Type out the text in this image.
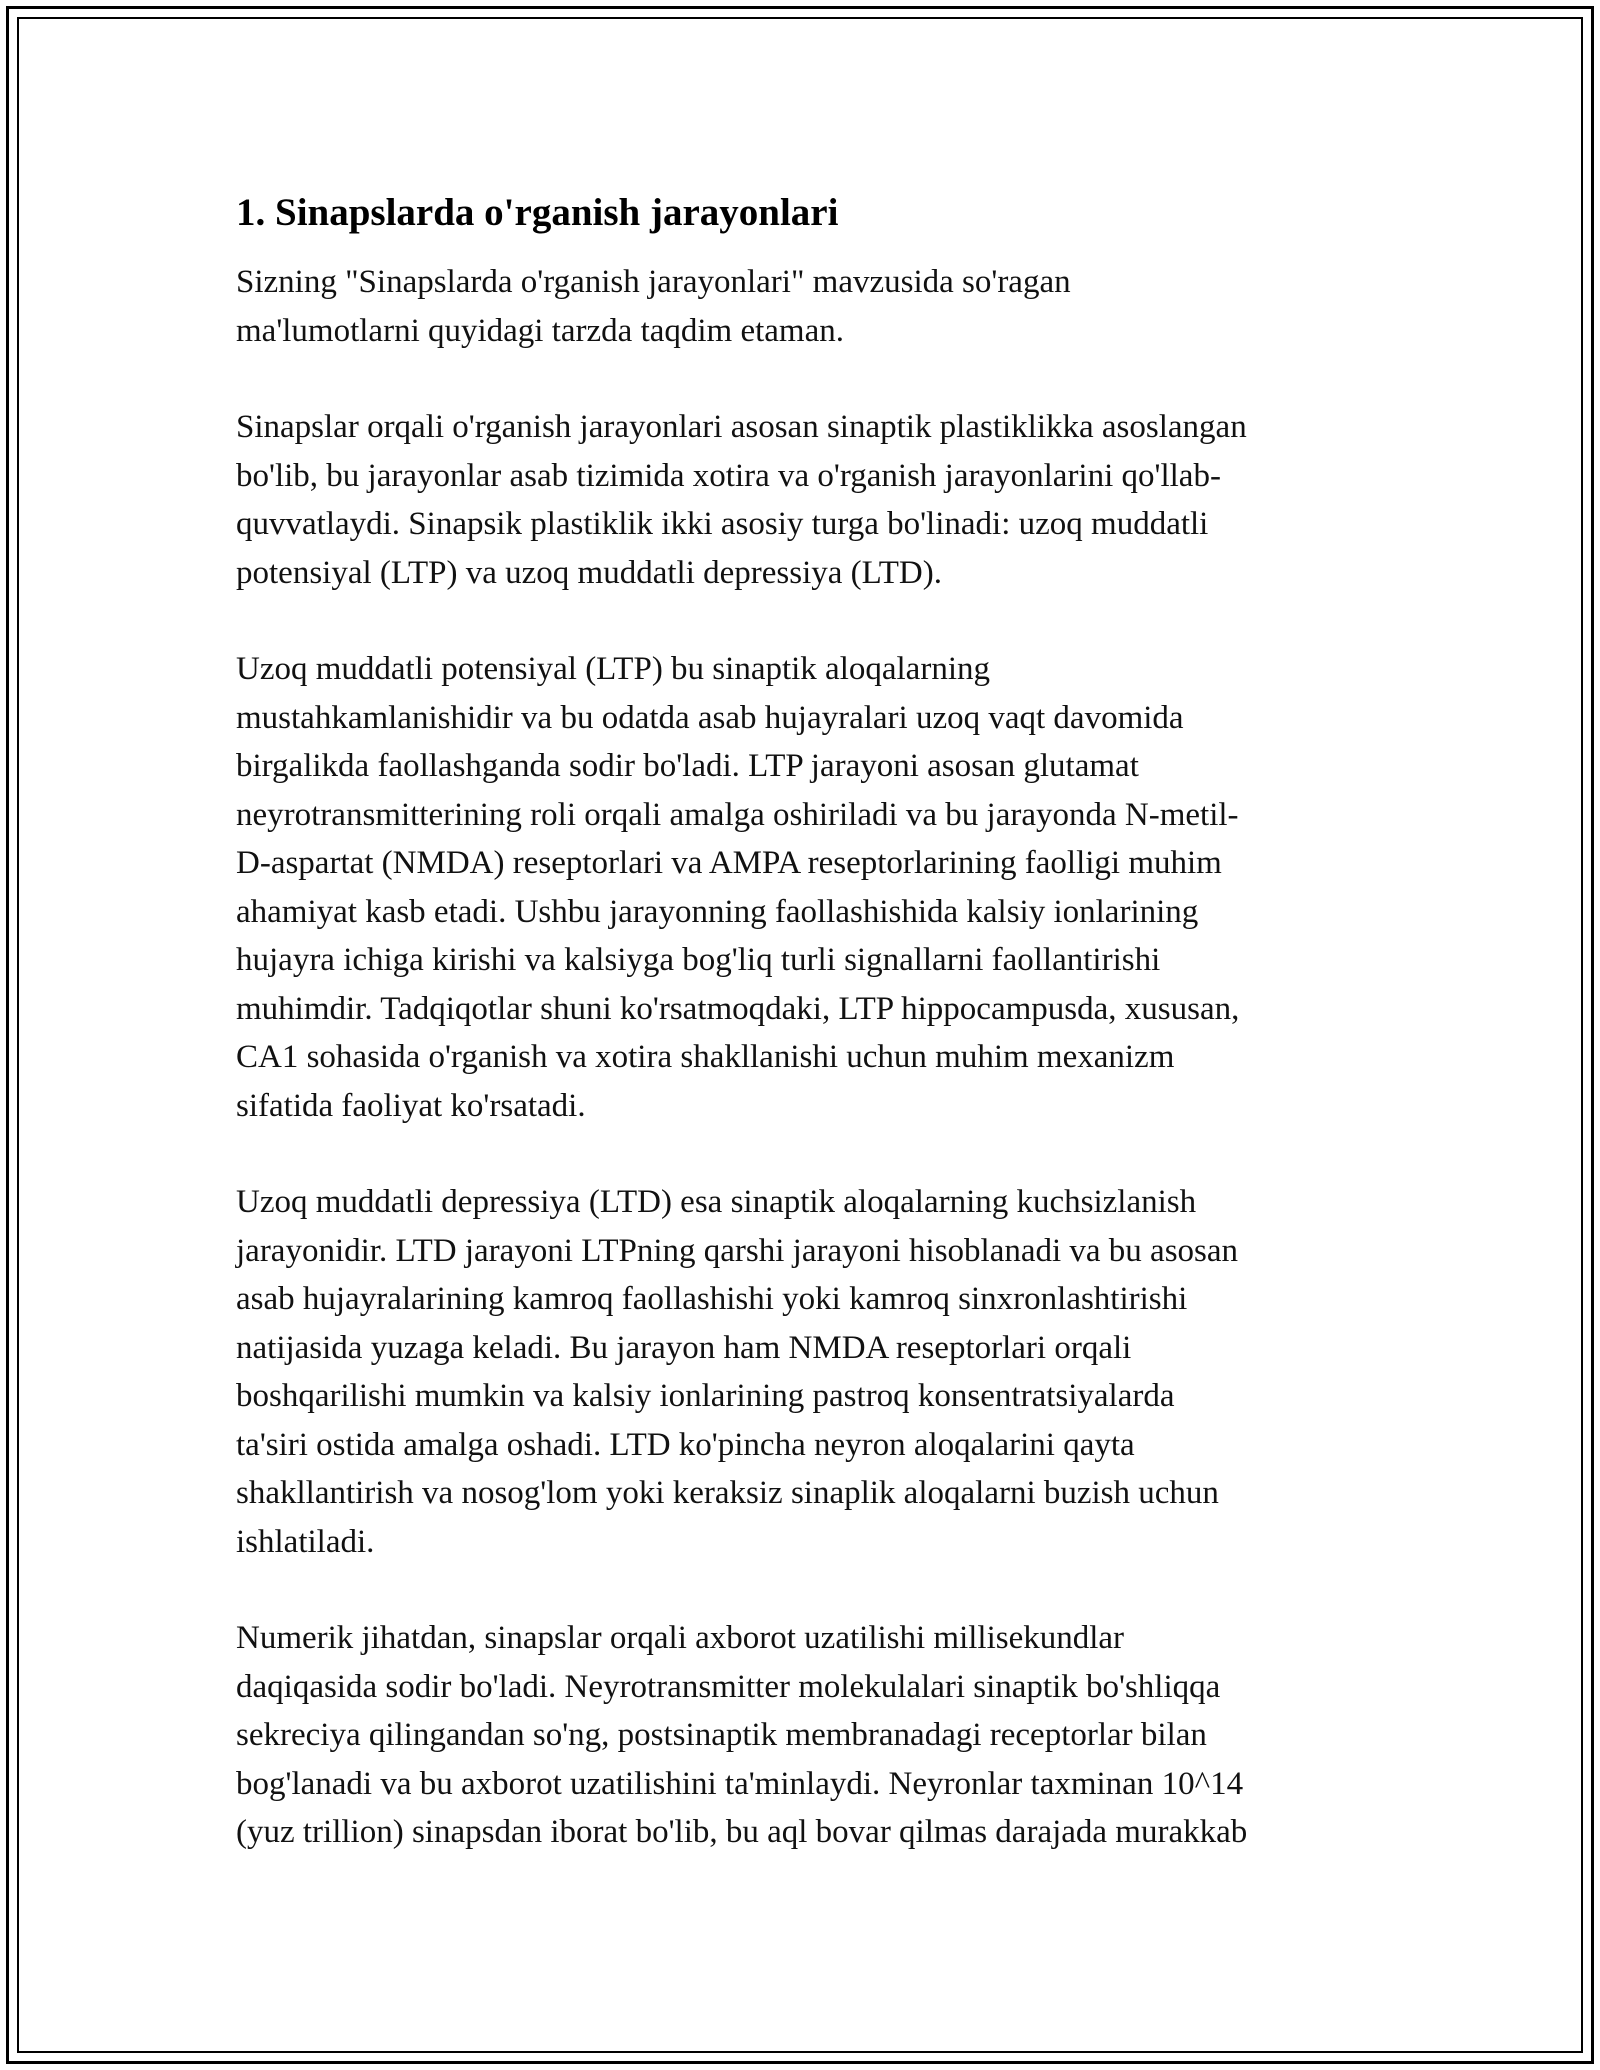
1. Sinapslarda o'rganish jarayonlari

Sizning "Sinapslarda o'rganish jarayonlari" mavzusida so'ragan
ma'lumotlarni quyidagi tarzda taqdim etaman.

Sinapslar orqali o'rganish jarayonlari asosan sinaptik plastiklikka asoslangan
bo'lib, bu jarayonlar asab tizimida xotira va o'rganish jarayonlarini qo'llab-
quvvatlaydi. Sinapsik plastiklik ikki asosiy turga bo'linadi: uzoq muddatli
potensiyal (LTP) va uzoq muddatli depressiya (LTD).

Uzoq muddatli potensiyal (LTP) bu sinaptik aloqalarning
mustahkamlanishidir va bu odatda asab hujayralari uzoq vaqt davomida
birgalikda faollashganda sodir bo'ladi. LTP jarayoni asosan glutamat
neyrotransmitterining roli orqali amalga oshiriladi va bu jarayonda N-metil-
D-aspartat (NMDA) reseptorlari va AMPA reseptorlarining faolligi muhim
ahamiyat kasb etadi. Ushbu jarayonning faollashishida kalsiy ionlarining
hujayra ichiga kirishi va kalsiyga bog'liq turli signallarni faollantirishi
muhimdir. Tadqiqotlar shuni ko'rsatmoqdaki, LTP hippocampusda, xususan,
CA1 sohasida o'rganish va xotira shakllanishi uchun muhim mexanizm
sifatida faoliyat ko'rsatadi.

Uzoq muddatli depressiya (LTD) esa sinaptik aloqalarning kuchsizlanish
jarayonidir. LTD jarayoni LTPning qarshi jarayoni hisoblanadi va bu asosan
asab hujayralarining kamroq faollashishi yoki kamroq sinxronlashtirishi
natijasida yuzaga keladi. Bu jarayon ham NMDA reseptorlari orqali
boshqarilishi mumkin va kalsiy ionlarining pastroq konsentratsiyalarda
ta'siri ostida amalga oshadi. LTD ko'pincha neyron aloqalarini qayta
shakllantirish va nosog'lom yoki keraksiz sinaplik aloqalarni buzish uchun
ishlatiladi.

Numerik jihatdan, sinapslar orqali axborot uzatilishi millisekundlar
daqiqasida sodir bo'ladi. Neyrotransmitter molekulalari sinaptik bo'shliqqa
sekreciya qilingandan so'ng, postsinaptik membranadagi receptorlar bilan
bog'lanadi va bu axborot uzatilishini ta'minlaydi. Neyronlar taxminan 10^14
(yuz trillion) sinapsdan iborat bo'lib, bu aql bovar qilmas darajada murakkab
